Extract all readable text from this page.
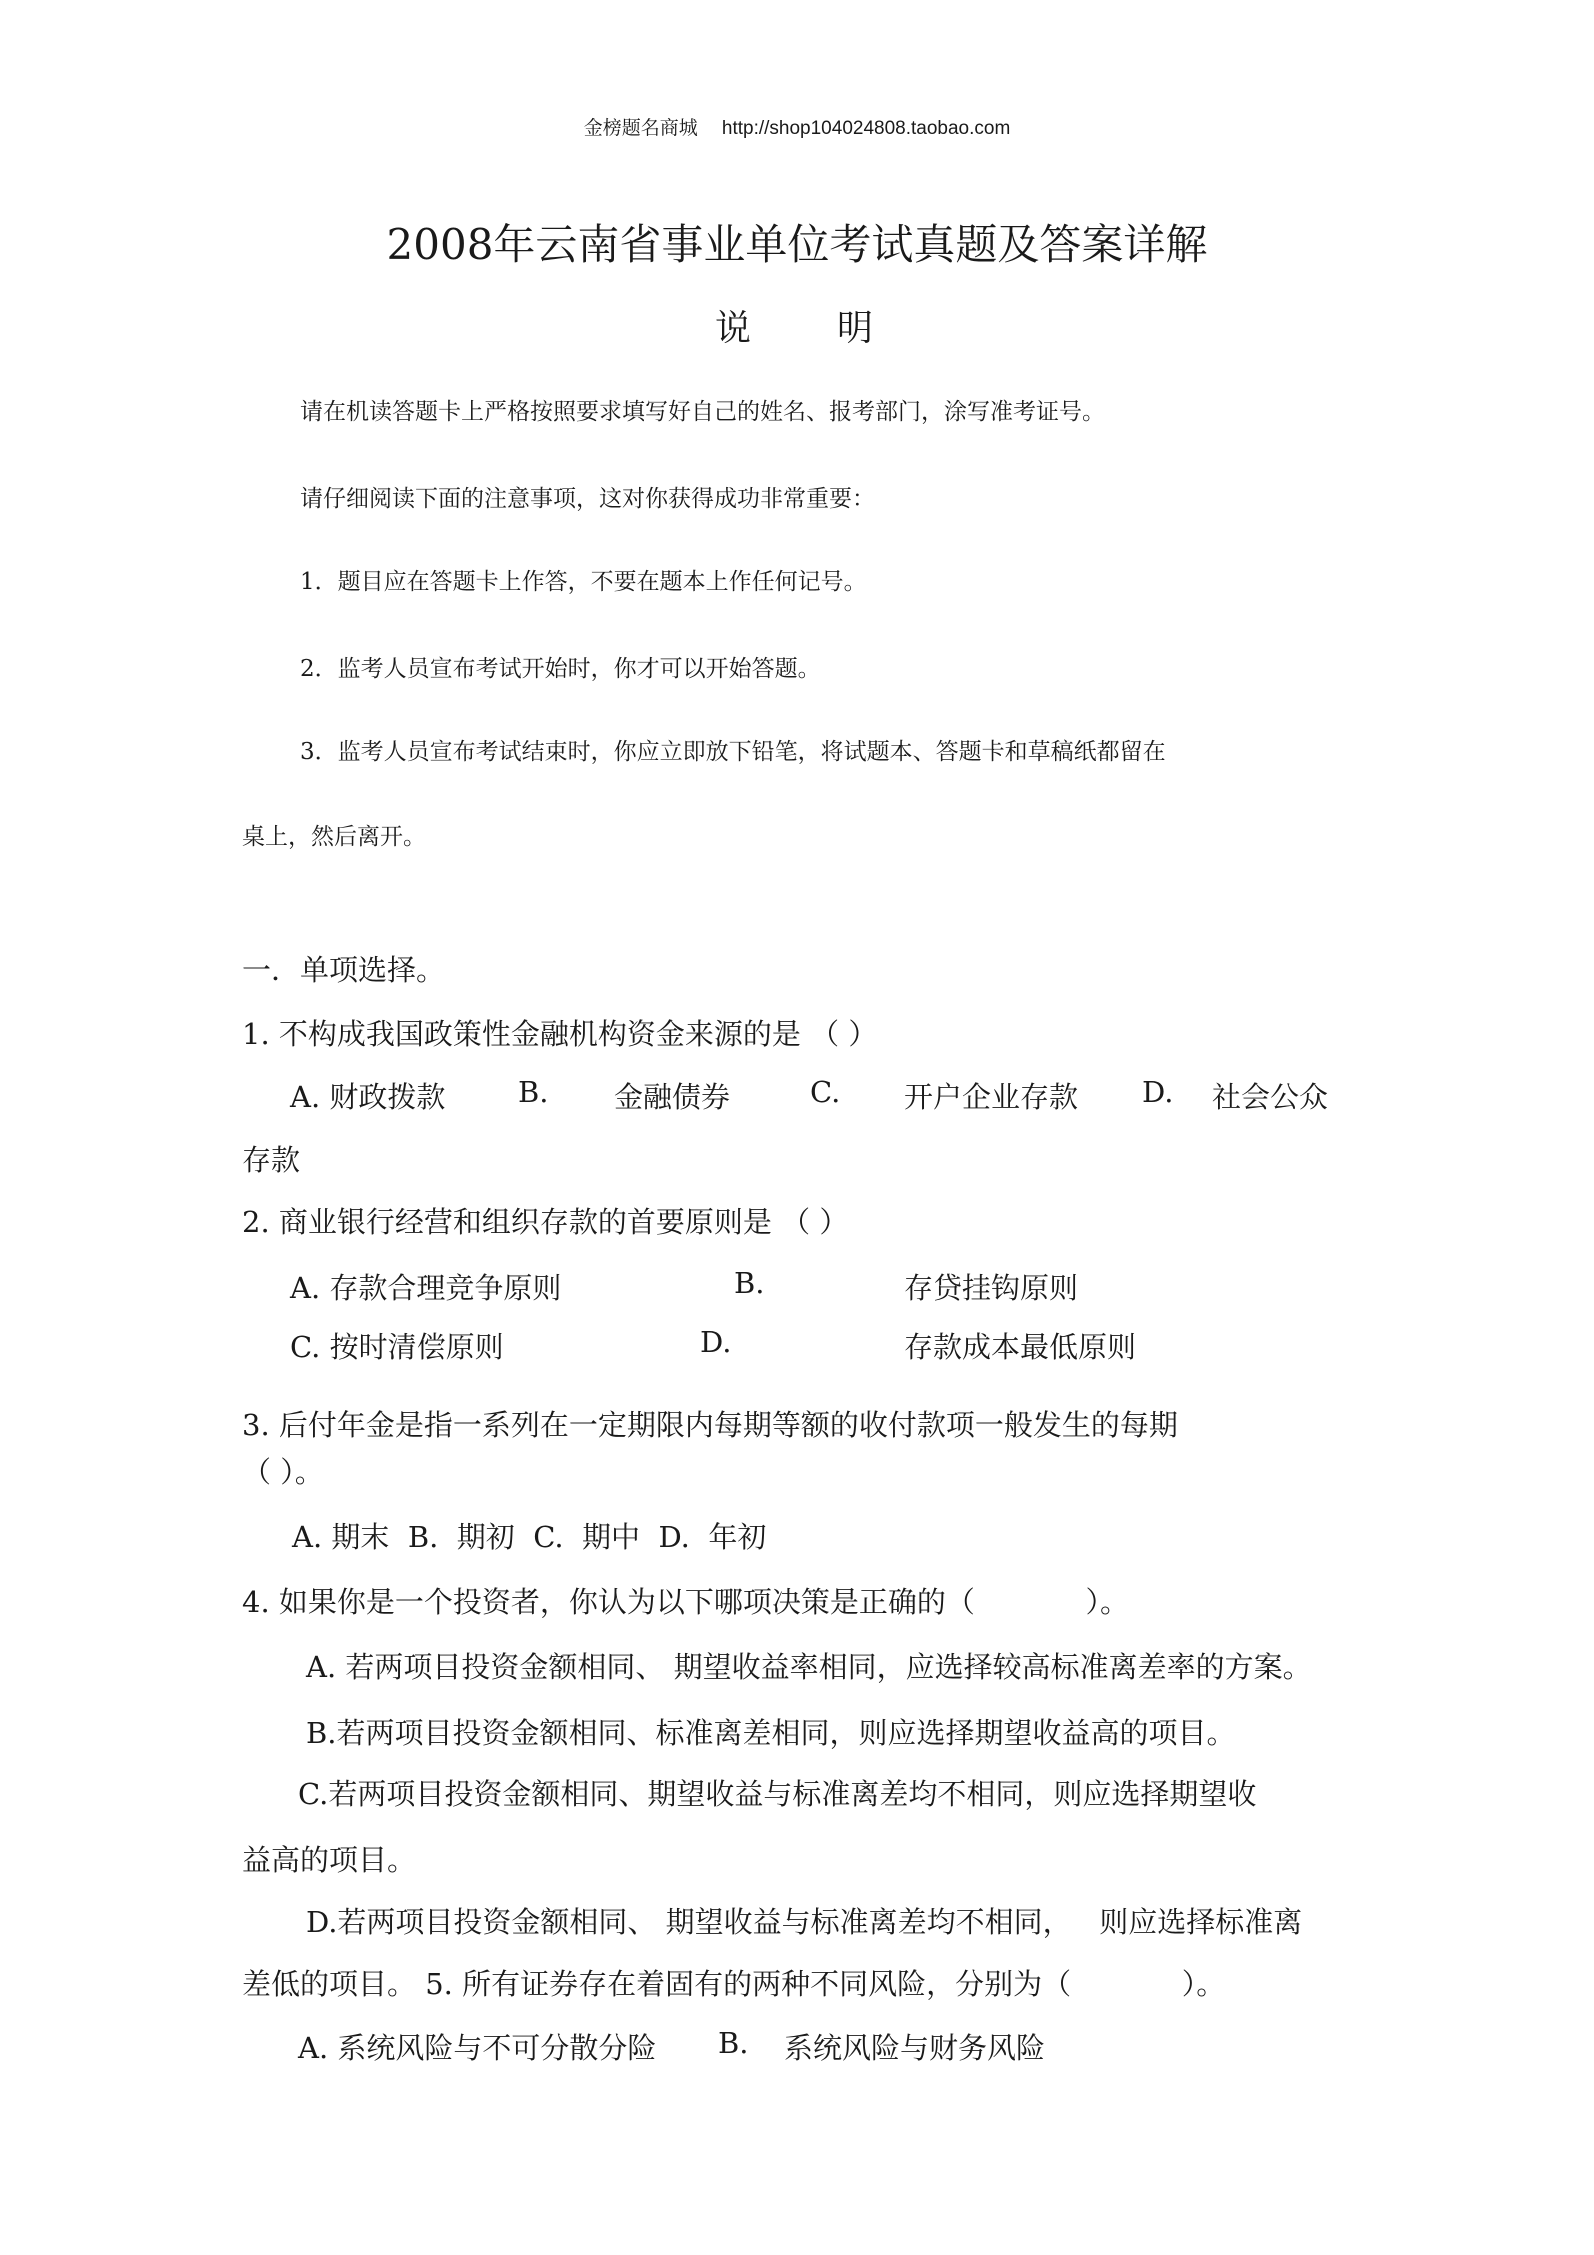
金榜题名商城 http://shop104024808.taobao.com
2008年云南省事业单位考试真题及答案详解
说 明
请在机读答题卡上严格按照要求填写好自己的姓名、报考部门，涂写准考证号。
请仔细阅读下面的注意事项，这对你获得成功非常重要：
1．题目应在答题卡上作答，不要在题本上作任何记号。
2．监考人员宣布考试开始时，你才可以开始答题。
3．监考人员宣布考试结束时，你应立即放下铅笔，将试题本、答题卡和草稿纸都留在
桌上，然后离开。
一．单项选择。
1. 不构成我国政策性金融机构资金来源的是 （ ）
A. 财政拨款	B. 金融债券	C. 开户企业存款 D. 社会公众
存款
2. 商业银行经营和组织存款的首要原则是 （ ）
A. 存款合理竞争原则	B.	存贷挂钩原则
C. 按时清偿原则	D.	存款成本最低原则
3. 后付年金是指一系列在一定期限内每期等额的收付款项一般发生的每期
（ ）。
A. 期末  B.  期初  C.  期中  D.  年初
4. 如果你是一个投资者，你认为以下哪项决策是正确的（            ）。
A. 若两项目投资金额相同、 期望收益率相同，应选择较高标准离差率的方案。
B.若两项目投资金额相同、标准离差相同，则应选择期望收益高的项目。
C.若两项目投资金额相同、期望收益与标准离差均不相同，则应选择期望收
益高的项目。
D.若两项目投资金额相同、 期望收益与标准离差均不相同，   则应选择标准离
差低的项目。 5. 所有证券存在着固有的两种不同风险，分别为（            ）。
A. 系统风险与不可分散分险 B. 系统风险与财务风险
